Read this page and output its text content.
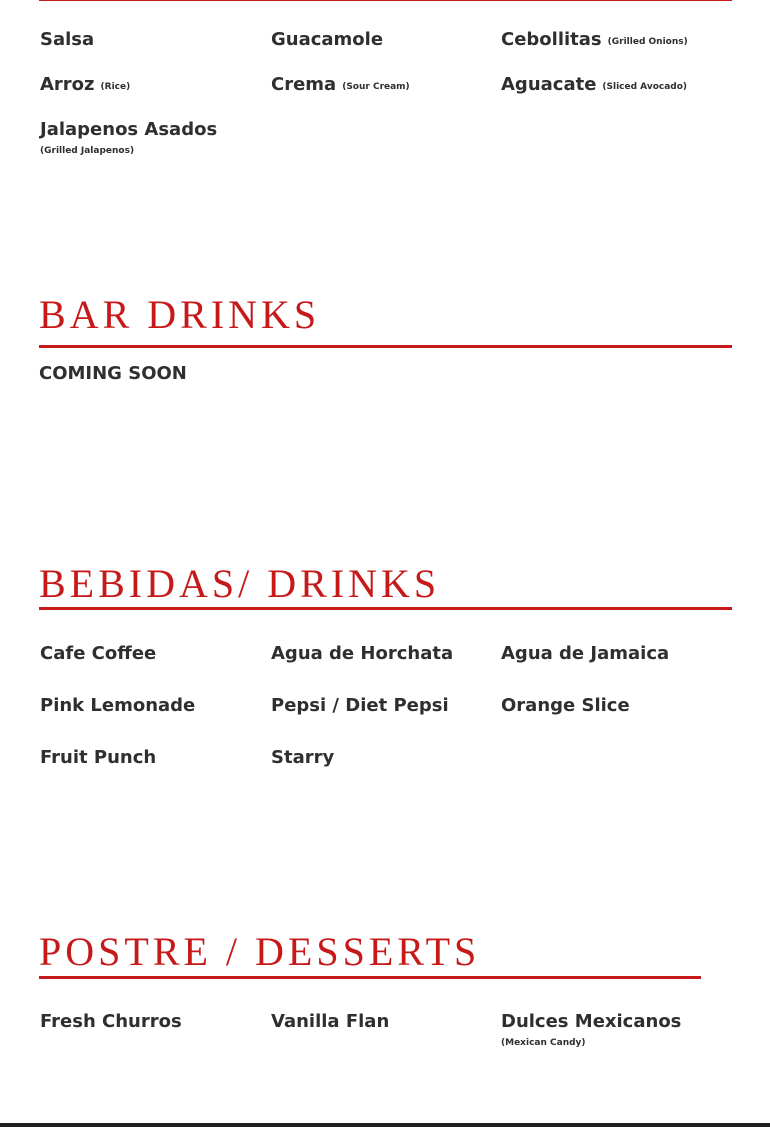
Salsa	Guacamole	Cebollitas (Grilled Onions)
Arroz (Rice)	Crema (Sour Cream)	Aguacate (Sliced Avocado)
Jalapenos Asados
(Grilled Jalapenos)
BAR DRINKS
COMING SOON
BEBIDAS/ DRINKS
Cafe Coffee	Agua de Horchata	Agua de Jamaica
Pink Lemonade	Pepsi / Diet Pepsi	Orange Slice
Fruit Punch	Starry
POSTRE / DESSERTS
Fresh Churros	Vanilla Flan	Dulces Mexicanos
(Mexican Candy)
